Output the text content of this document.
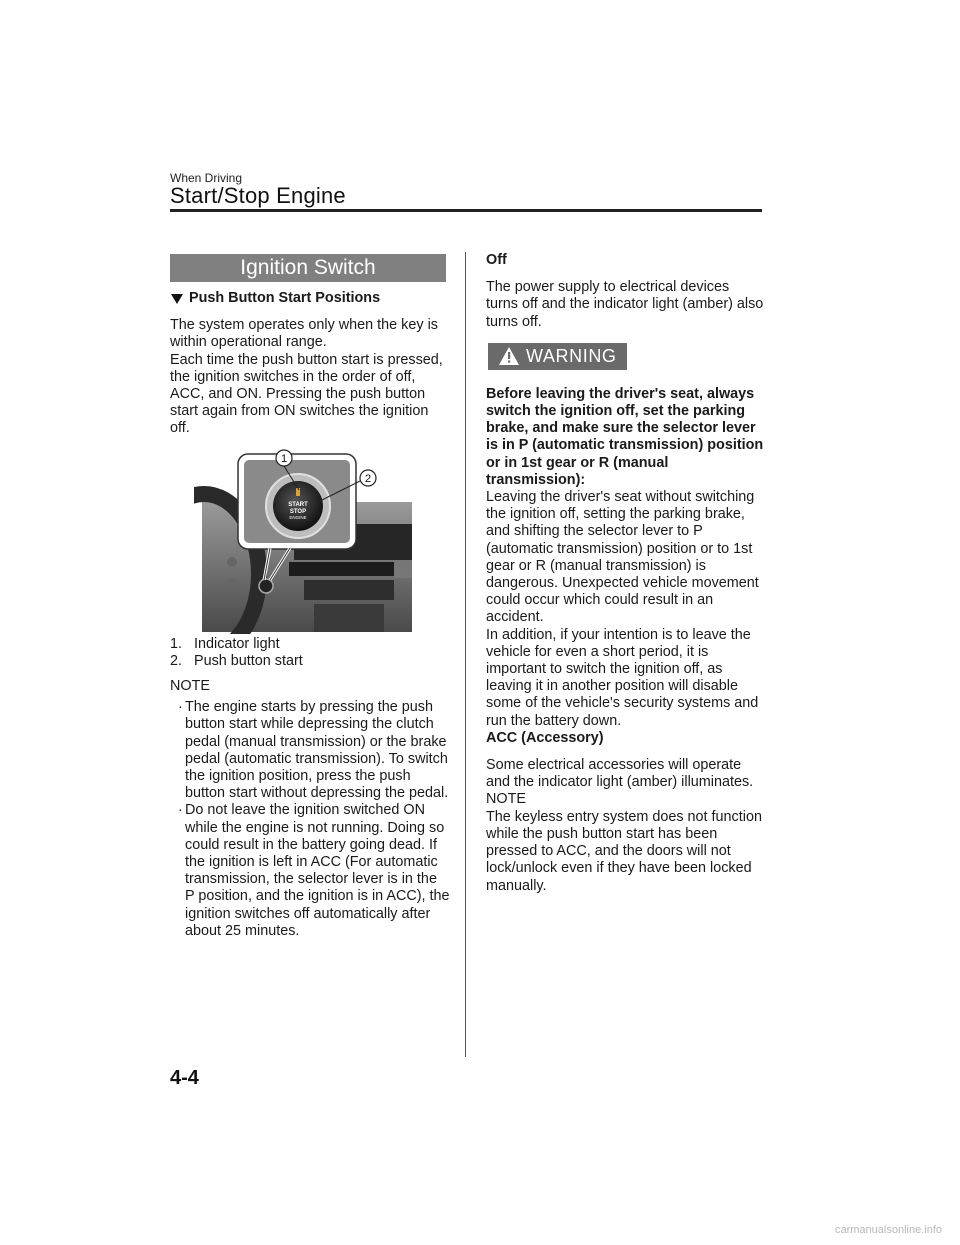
When Driving
Start/Stop Engine
Ignition Switch
Push Button Start Positions

The system operates only when the key is within operational range.

Each time the push button start is pressed, the ignition switches in the order of off, ACC, and ON. Pressing the push button start again from ON switches the ignition off.

START
STOP
ENGINE
1
2
1. Indicator light
2. Push button start
NOTE
· The engine starts by pressing the push button start while depressing the clutch pedal (manual transmission) or the brake pedal (automatic transmission). To switch the ignition position, press the push button start without depressing the pedal.
· Do not leave the ignition switched ON while the engine is not running. Doing so could result in the battery going dead. If the ignition is left in ACC (For automatic transmission, the selector lever is in the P position, and the ignition is in ACC), the ignition switches off automatically after about 25 minutes.
Off

The power supply to electrical devices turns off and the indicator light (amber) also turns off.

WARNING

Before leaving the driver's seat, always switch the ignition off, set the parking brake, and make sure the selector lever is in P (automatic transmission) position or in 1st gear or R (manual transmission):

Leaving the driver's seat without switching the ignition off, setting the parking brake, and shifting the selector lever to P (automatic transmission) position or to 1st gear or R (manual transmission) is dangerous. Unexpected vehicle movement could occur which could result in an accident.

In addition, if your intention is to leave the vehicle for even a short period, it is important to switch the ignition off, as leaving it in another position will disable some of the vehicle's security systems and run the battery down.

ACC (Accessory)

Some electrical accessories will operate and the indicator light (amber) illuminates.

NOTE

The keyless entry system does not function while the push button start has been pressed to ACC, and the doors will not lock/unlock even if they have been locked manually.

4-4
carmanualsonline.info
